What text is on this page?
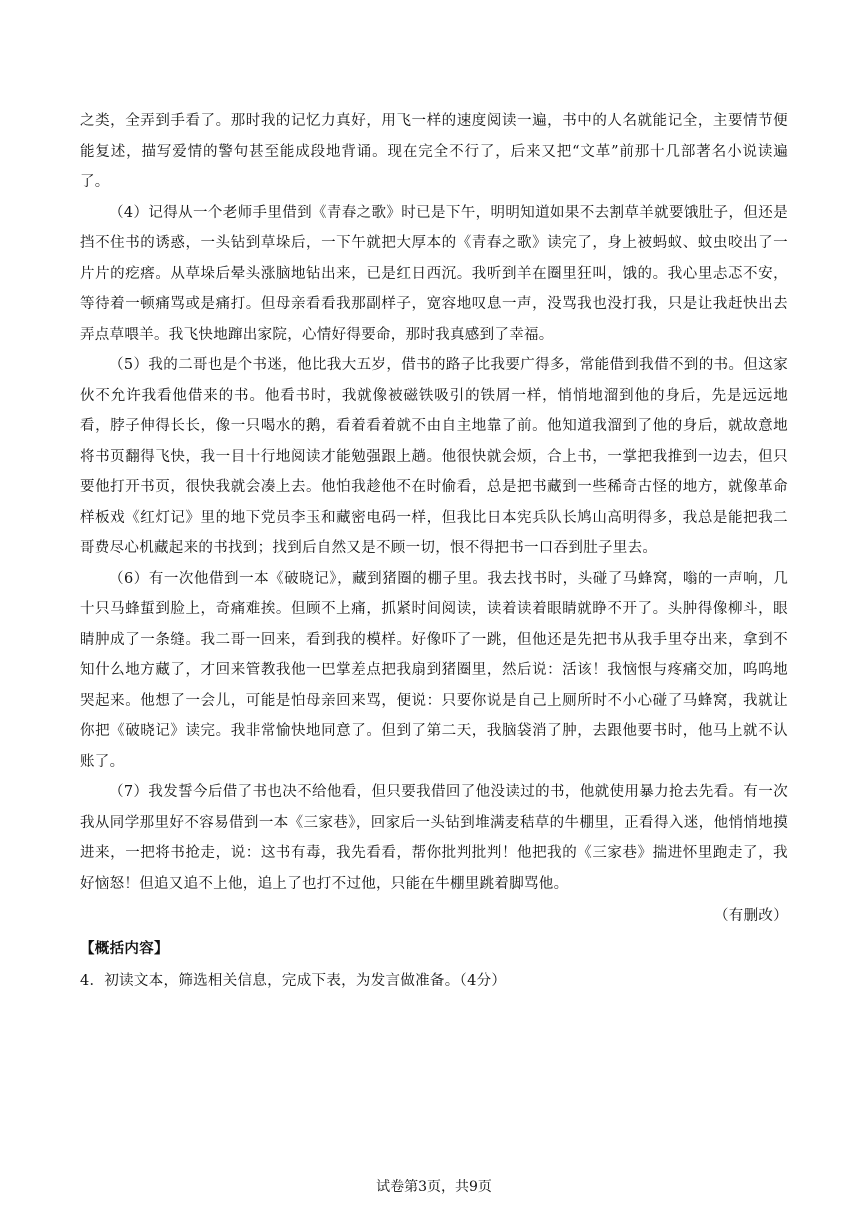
之类，全弄到手看了。那时我的记忆力真好，用飞一样的速度阅读一遍，书中的人名就能记全，主要情节便能复述，描写爱情的警句甚至能成段地背诵。现在完全不行了，后来又把“文革”前那十几部著名小说读遍了。

（4）记得从一个老师手里借到《青春之歌》时已是下午，明明知道如果不去割草羊就要饿肚子，但还是挡不住书的诱惑，一头钻到草垛后，一下午就把大厚本的《青春之歌》读完了，身上被蚂蚁、蚊虫咬出了一片片的疙瘩。从草垛后晕头涨脑地钻出来，已是红日西沉。我听到羊在圈里狂叫，饿的。我心里忐忑不安，等待着一顿痛骂或是痛打。但母亲看看我那副样子，宽容地叹息一声，没骂我也没打我，只是让我赶快出去弄点草喂羊。我飞快地蹿出家院，心情好得要命，那时我真感到了幸福。

（5）我的二哥也是个书迷，他比我大五岁，借书的路子比我要广得多，常能借到我借不到的书。但这家伙不允许我看他借来的书。他看书时，我就像被磁铁吸引的铁屑一样，悄悄地溜到他的身后，先是远远地看，脖子伸得长长，像一只喝水的鹅，看着看着就不由自主地靠了前。他知道我溜到了他的身后，就故意地将书页翻得飞快，我一目十行地阅读才能勉强跟上趟。他很快就会烦，合上书，一掌把我推到一边去，但只要他打开书页，很快我就会凑上去。他怕我趁他不在时偷看，总是把书藏到一些稀奇古怪的地方，就像革命样板戏《红灯记》里的地下党员李玉和藏密电码一样，但我比日本宪兵队长鸠山高明得多，我总是能把我二哥费尽心机藏起来的书找到；找到后自然又是不顾一切，恨不得把书一口吞到肚子里去。

（6）有一次他借到一本《破晓记》，藏到猪圈的棚子里。我去找书时，头碰了马蜂窝，嗡的一声响，几十只马蜂蜇到脸上，奇痛难挨。但顾不上痛，抓紧时间阅读，读着读着眼睛就睁不开了。头肿得像柳斗，眼睛肿成了一条缝。我二哥一回来，看到我的模样。好像吓了一跳，但他还是先把书从我手里夺出来，拿到不知什么地方藏了，才回来管教我他一巴掌差点把我扇到猪圈里，然后说：活该！我恼恨与疼痛交加，呜呜地哭起来。他想了一会儿，可能是怕母亲回来骂，便说：只要你说是自己上厕所时不小心碰了马蜂窝，我就让你把《破晓记》读完。我非常愉快地同意了。但到了第二天，我脑袋消了肿，去跟他要书时，他马上就不认账了。

（7）我发誓今后借了书也决不给他看，但只要我借回了他没读过的书，他就使用暴力抢去先看。有一次我从同学那里好不容易借到一本《三家巷》，回家后一头钻到堆满麦秸草的牛棚里，正看得入迷，他悄悄地摸进来，一把将书抢走，说：这书有毒，我先看看，帮你批判批判！他把我的《三家巷》揣进怀里跑走了，我好恼怒！但追又追不上他，追上了也打不过他，只能在牛棚里跳着脚骂他。

（有删改）

【概括内容】

4．初读文本，筛选相关信息，完成下表，为发言做准备。（4分）

试卷第3页，共9页
